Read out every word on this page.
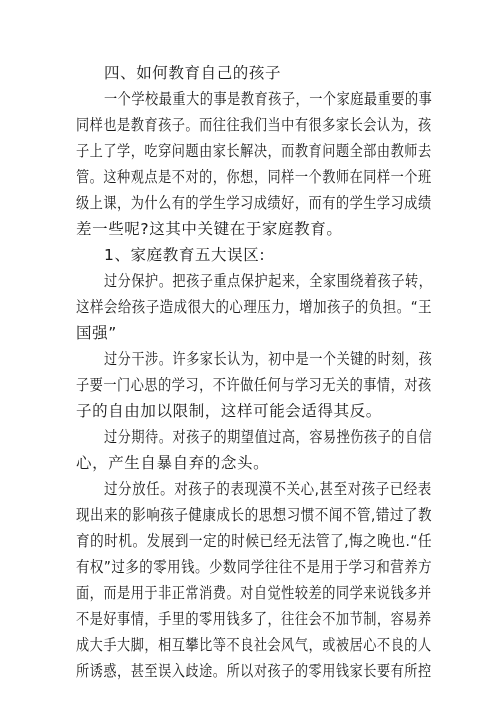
四、如何教育自己的孩子

一个学校最重大的事是教育孩子，一个家庭最重要的事

同样也是教育孩子。而往往我们当中有很多家长会认为，孩

子上了学，吃穿问题由家长解决，而教育问题全部由教师去

管。这种观点是不对的，你想，同样一个教师在同样一个班

级上课，为什么有的学生学习成绩好，而有的学生学习成绩

差一些呢?这其中关键在于家庭教育。

1、家庭教育五大误区:

过分保护。把孩子重点保护起来，全家围绕着孩子转，

这样会给孩子造成很大的心理压力，增加孩子的负担。“王

国强”

过分干涉。许多家长认为，初中是一个关键的时刻，孩

子要一门心思的学习，不许做任何与学习无关的事情，对孩

子的自由加以限制，这样可能会适得其反。

过分期待。对孩子的期望值过高，容易挫伤孩子的自信

心，产生自暴自弃的念头。

过分放任。对孩子的表现漠不关心,甚至对孩子已经表

现出来的影响孩子健康成长的思想习惯不闻不管,错过了教

育的时机。发展到一定的时候已经无法管了,悔之晚也.“任

有权”过多的零用钱。少数同学往往不是用于学习和营养方

面，而是用于非正常消费。对自觉性较差的同学来说钱多并

不是好事情，手里的零用钱多了，往往会不加节制，容易养

成大手大脚，相互攀比等不良社会风气，或被居心不良的人

所诱惑，甚至误入歧途。所以对孩子的零用钱家长要有所控
